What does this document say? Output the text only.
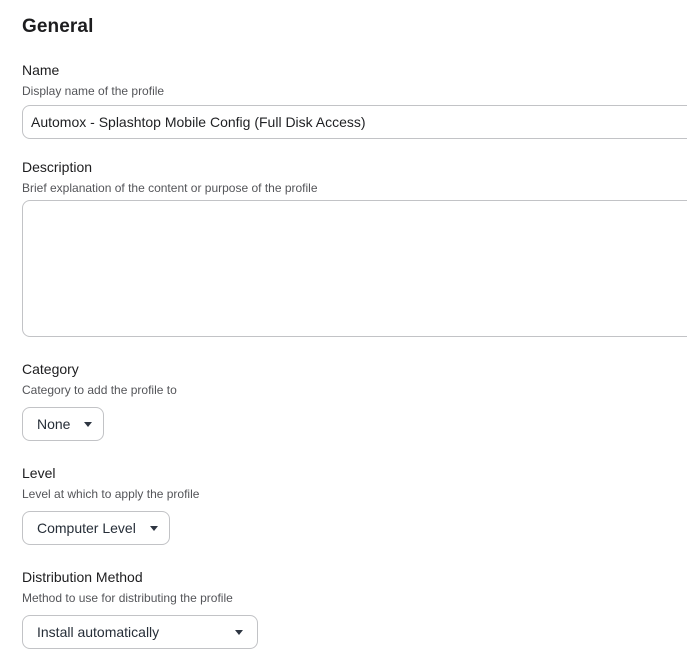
General
Name
Display name of the profile
Automox - Splashtop Mobile Config (Full Disk Access)
Description
Brief explanation of the content or purpose of the profile
Category
Category to add the profile to
None
Level
Level at which to apply the profile
Computer Level
Distribution Method
Method to use for distributing the profile
Install automatically
